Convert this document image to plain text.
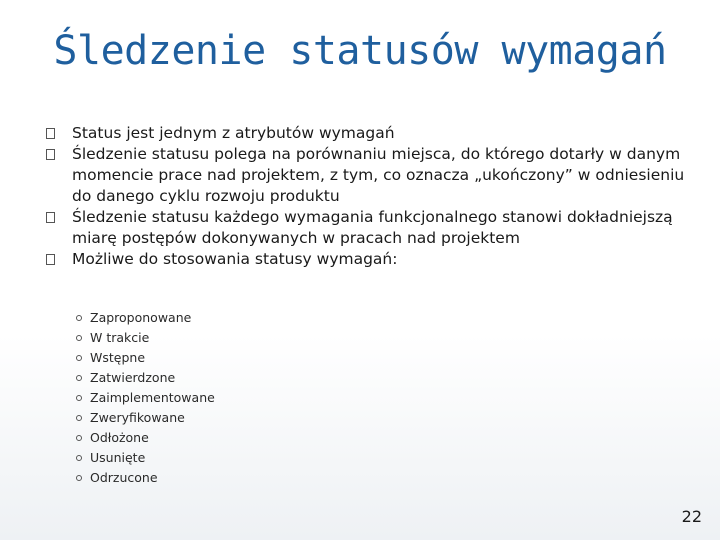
Śledzenie statusów wymagań
Status jest jednym z atrybutów wymagań
Śledzenie statusu polega na porównaniu miejsca, do którego dotarły w danym momencie prace nad projektem, z tym, co oznacza „ukończony” w odniesieniu do danego cyklu rozwoju produktu
Śledzenie statusu każdego wymagania funkcjonalnego stanowi dokładniejszą miarę postępów dokonywanych w pracach nad projektem
Możliwe do stosowania statusy wymagań:
Zaproponowane
W trakcie
Wstępne
Zatwierdzone
Zaimplementowane
Zweryfikowane
Odłożone
Usunięte
Odrzucone
22
